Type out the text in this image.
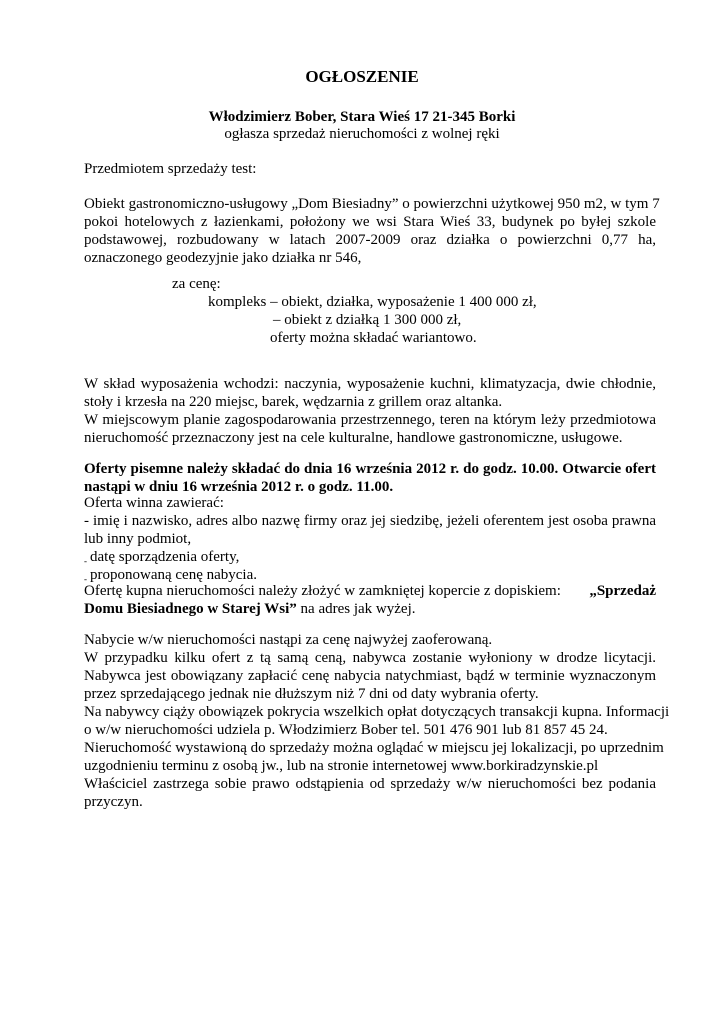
OGŁOSZENIE
Włodzimierz Bober, Stara Wieś 17 21-345 Borki
ogłasza sprzedaż nieruchomości z wolnej ręki
Przedmiotem sprzedaży test:
Obiekt gastronomiczno-usługowy „Dom Biesiadny” o powierzchni użytkowej 950 m2, w tym 7
pokoi hotelowych z łazienkami, położony we wsi Stara Wieś 33, budynek po byłej szkole
podstawowej, rozbudowany w latach 2007-2009 oraz działka o powierzchni 0,77 ha,
oznaczonego geodezyjnie jako działka nr 546,
za cenę:
kompleks – obiekt, działka, wyposażenie 1 400 000 zł,
– obiekt z działką 1 300 000 zł,
oferty można składać wariantowo.
W skład wyposażenia wchodzi: naczynia, wyposażenie kuchni, klimatyzacja, dwie chłodnie,
stoły i krzesła na 220 miejsc, barek, wędzarnia z grillem oraz altanka.
W miejscowym planie zagospodarowania przestrzennego, teren na którym leży przedmiotowa
nieruchomość przeznaczony jest na cele kulturalne, handlowe gastronomiczne, usługowe.
Oferty pisemne należy składać do dnia 16 września 2012 r. do godz. 10.00. Otwarcie ofert
nastąpi w dniu 16 września 2012 r. o godz. 11.00.
Oferta winna zawierać:
- imię i nazwisko, adres albo nazwę firmy oraz jej siedzibę, jeżeli oferentem jest osoba prawna
lub inny podmiot,
$_-$ datę sporządzenia oferty,
$_-$ proponowaną cenę nabycia.
Ofertę kupna nieruchomości należy złożyć w zamkniętej kopercie z dopiskiem: „Sprzedaż
Domu Biesiadnego w Starej Wsi” na adres jak wyżej.
Nabycie w/w nieruchomości nastąpi za cenę najwyżej zaoferowaną.
W przypadku kilku ofert z tą samą ceną, nabywca zostanie wyłoniony w drodze licytacji.
Nabywca jest obowiązany zapłacić cenę nabycia natychmiast, bądź w terminie wyznaczonym
przez sprzedającego jednak nie dłuższym niż 7 dni od daty wybrania oferty.
Na nabywcy ciąży obowiązek pokrycia wszelkich opłat dotyczących transakcji kupna. Informacji
o w/w nieruchomości udziela p. Włodzimierz Bober tel. 501 476 901 lub 81 857 45 24.
Nieruchomość wystawioną do sprzedaży można oglądać w miejscu jej lokalizacji, po uprzednim
uzgodnieniu terminu z osobą jw., lub na stronie internetowej www.borkiradzynskie.pl
Właściciel zastrzega sobie prawo odstąpienia od sprzedaży w/w nieruchomości bez podania
przyczyn.
